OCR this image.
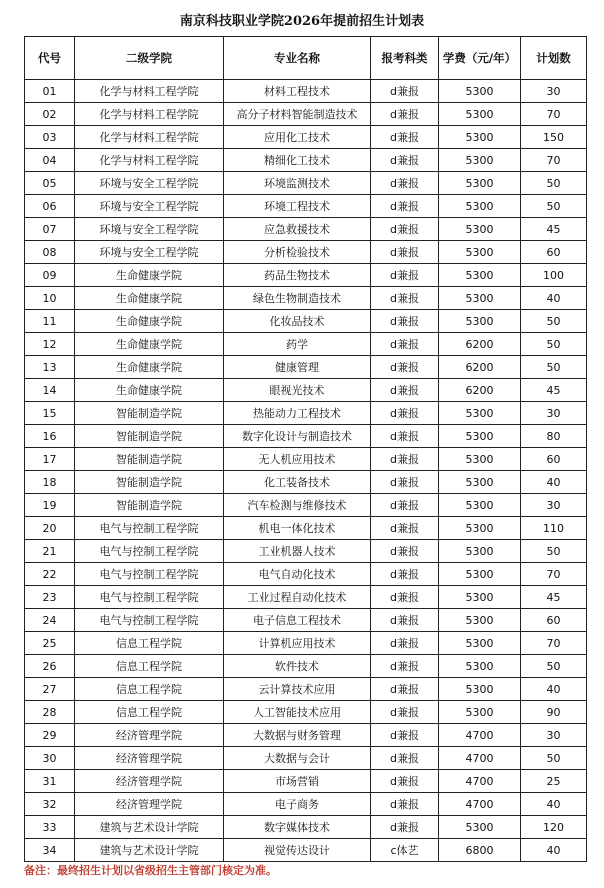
南京科技职业学院2026年提前招生计划表
代号	二级学院	专业名称	报考科类	学费（元/年）	计划数
01	化学与材料工程学院	材料工程技术	d兼报	5300	30
02	化学与材料工程学院	高分子材料智能制造技术	d兼报	5300	70
03	化学与材料工程学院	应用化工技术	d兼报	5300	150
04	化学与材料工程学院	精细化工技术	d兼报	5300	70
05	环境与安全工程学院	环境监测技术	d兼报	5300	50
06	环境与安全工程学院	环境工程技术	d兼报	5300	50
07	环境与安全工程学院	应急救援技术	d兼报	5300	45
08	环境与安全工程学院	分析检验技术	d兼报	5300	60
09	生命健康学院	药品生物技术	d兼报	5300	100
10	生命健康学院	绿色生物制造技术	d兼报	5300	40
11	生命健康学院	化妆品技术	d兼报	5300	50
12	生命健康学院	药学	d兼报	6200	50
13	生命健康学院	健康管理	d兼报	6200	50
14	生命健康学院	眼视光技术	d兼报	6200	45
15	智能制造学院	热能动力工程技术	d兼报	5300	30
16	智能制造学院	数字化设计与制造技术	d兼报	5300	80
17	智能制造学院	无人机应用技术	d兼报	5300	60
18	智能制造学院	化工装备技术	d兼报	5300	40
19	智能制造学院	汽车检测与维修技术	d兼报	5300	30
20	电气与控制工程学院	机电一体化技术	d兼报	5300	110
21	电气与控制工程学院	工业机器人技术	d兼报	5300	50
22	电气与控制工程学院	电气自动化技术	d兼报	5300	70
23	电气与控制工程学院	工业过程自动化技术	d兼报	5300	45
24	电气与控制工程学院	电子信息工程技术	d兼报	5300	60
25	信息工程学院	计算机应用技术	d兼报	5300	70
26	信息工程学院	软件技术	d兼报	5300	50
27	信息工程学院	云计算技术应用	d兼报	5300	40
28	信息工程学院	人工智能技术应用	d兼报	5300	90
29	经济管理学院	大数据与财务管理	d兼报	4700	30
30	经济管理学院	大数据与会计	d兼报	4700	50
31	经济管理学院	市场营销	d兼报	4700	25
32	经济管理学院	电子商务	d兼报	4700	40
33	建筑与艺术设计学院	数字媒体技术	d兼报	5300	120
34	建筑与艺术设计学院	视觉传达设计	c体艺	6800	40
备注：最终招生计划以省级招生主管部门核定为准。
